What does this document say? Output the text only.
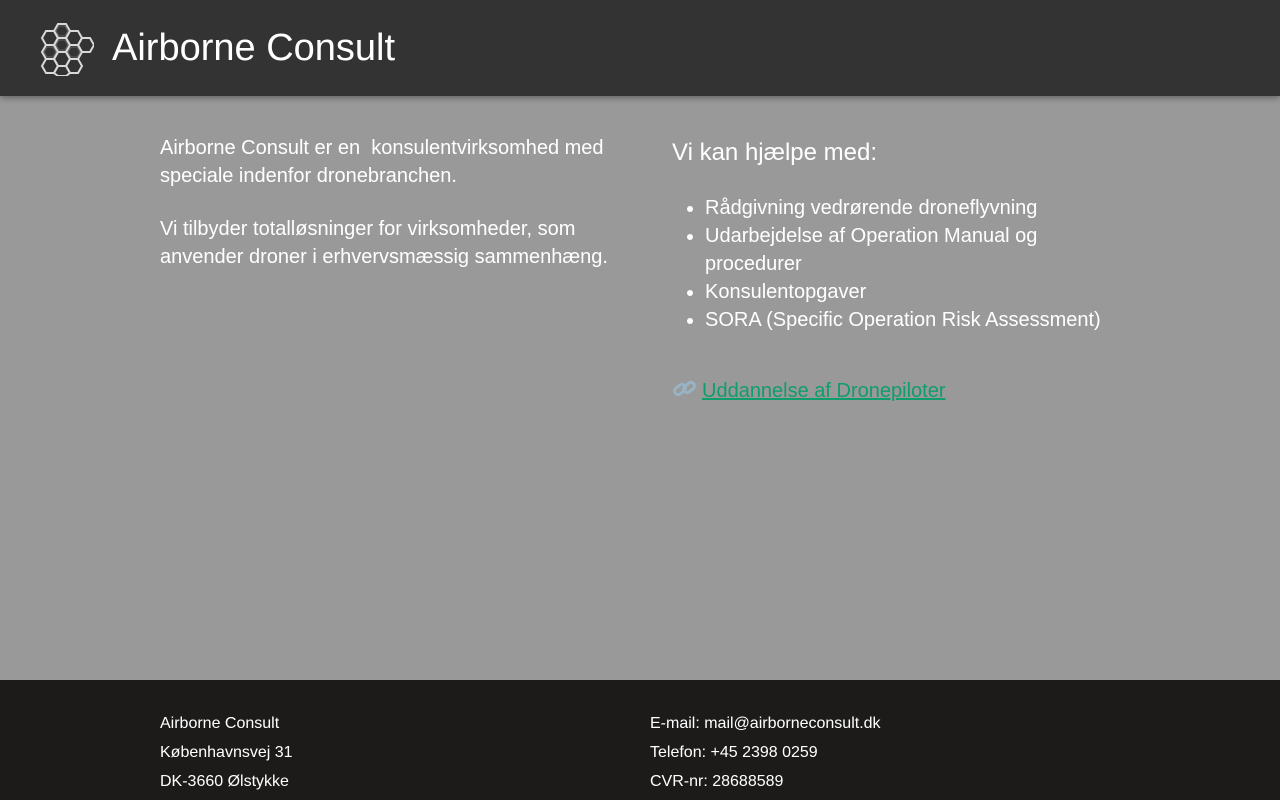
Airborne Consult

Airborne Consult er en  konsulentvirksomhed med speciale indenfor dronebranchen.

Vi tilbyder totalløsninger for virksomheder, som anvender droner i erhvervsmæssig sammenhæng.

Vi kan hjælpe med:
• Rådgivning vedrørende droneflyvning
• Udarbejdelse af Operation Manual og procedurer
• Konsulentopgaver
• SORA (Specific Operation Risk Assessment)
Uddannelse af Dronepiloter
Airborne Consult
Københavnsvej 31
DK-3660 Ølstykke
E-mail: mail@airborneconsult.dk
Telefon: +45 2398 0259
CVR-nr: 28688589
